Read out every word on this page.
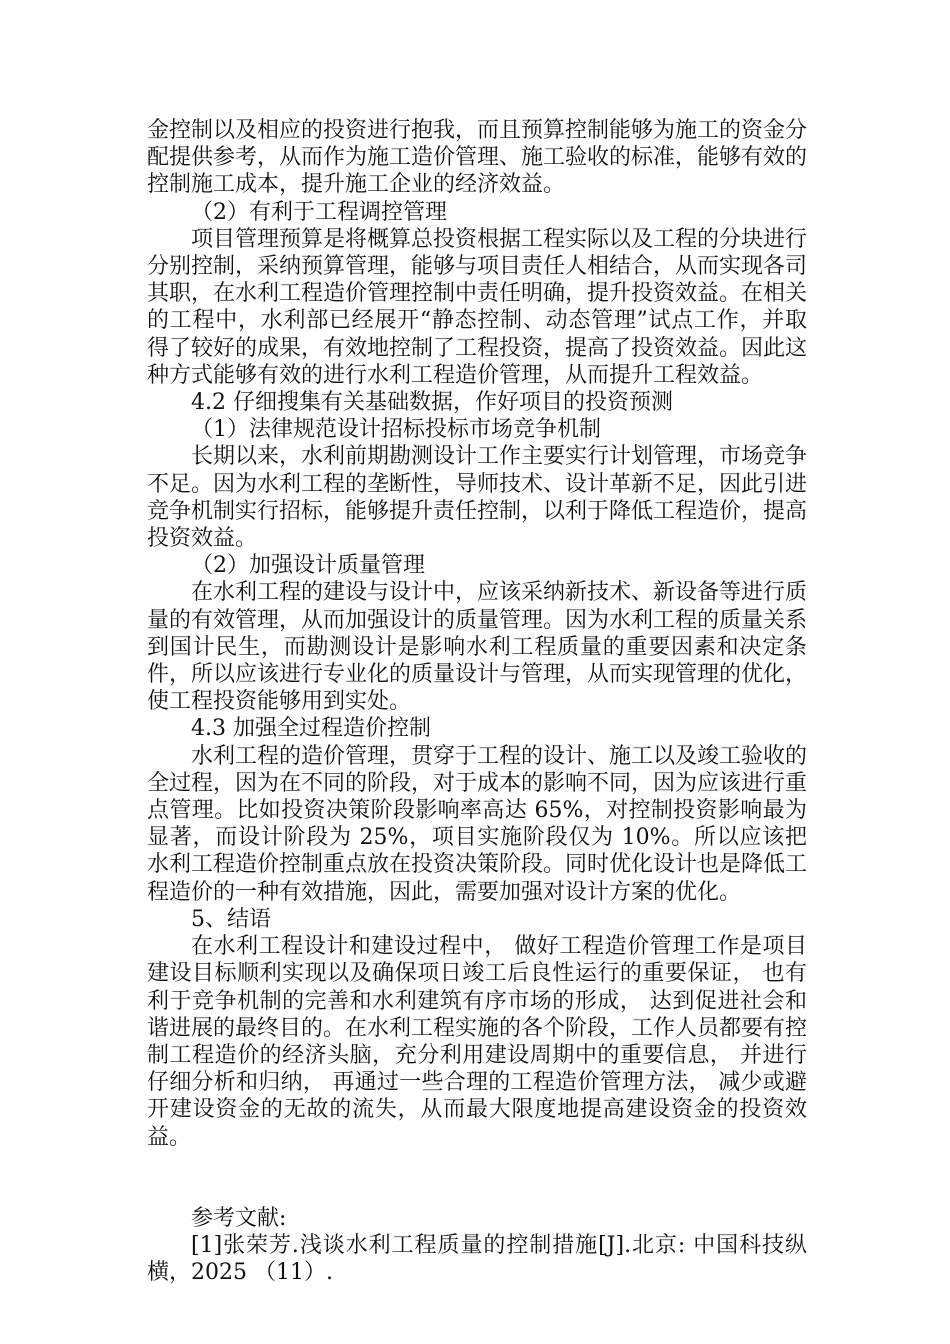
金控制以及相应的投资进行抱我，而且预算控制能够为施工的资金分配提供参考，从而作为施工造价管理、施工验收的标准，能够有效的控制施工成本，提升施工企业的经济效益。

（2）有利于工程调控管理

项目管理预算是将概算总投资根据工程实际以及工程的分块进行分别控制，采纳预算管理，能够与项目责任人相结合，从而实现各司其职，在水利工程造价管理控制中责任明确，提升投资效益。在相关的工程中，水利部已经展开“静态控制、动态管理”试点工作，并取得了较好的成果，有效地控制了工程投资，提高了投资效益。因此这种方式能够有效的进行水利工程造价管理，从而提升工程效益。

4.2 仔细搜集有关基础数据，作好项目的投资预测

（1）法律规范设计招标投标市场竞争机制

长期以来，水利前期勘测设计工作主要实行计划管理，市场竞争不足。因为水利工程的垄断性，导师技术、设计革新不足，因此引进竞争机制实行招标，能够提升责任控制，以利于降低工程造价，提高投资效益。

（2）加强设计质量管理

在水利工程的建设与设计中，应该采纳新技术、新设备等进行质量的有效管理，从而加强设计的质量管理。因为水利工程的质量关系到国计民生，而勘测设计是影响水利工程质量的重要因素和决定条件，所以应该进行专业化的质量设计与管理，从而实现管理的优化，使工程投资能够用到实处。

4.3 加强全过程造价控制

水利工程的造价管理，贯穿于工程的设计、施工以及竣工验收的全过程，因为在不同的阶段，对于成本的影响不同，因为应该进行重点管理。比如投资决策阶段影响率高达 65%，对控制投资影响最为显著，而设计阶段为 25%，项目实施阶段仅为 10%。所以应该把水利工程造价控制重点放在投资决策阶段。同时优化设计也是降低工程造价的一种有效措施，因此，需要加强对设计方案的优化。

5、结语

在水利工程设计和建设过程中， 做好工程造价管理工作是项目建设目标顺利实现以及确保项日竣工后良性运行的重要保证， 也有利于竞争机制的完善和水利建筑有序市场的形成， 达到促进社会和谐进展的最终目的。在水利工程实施的各个阶段，工作人员都要有控制工程造价的经济头脑，充分利用建设周期中的重要信息， 并进行仔细分析和归纳， 再通过一些合理的工程造价管理方法， 减少或避开建设资金的无故的流失，从而最大限度地提高建设资金的投资效益。

参考文献:

[1]张荣芳.浅谈水利工程质量的控制措施[J].北京: 中国科技纵横，2025 （11）.
